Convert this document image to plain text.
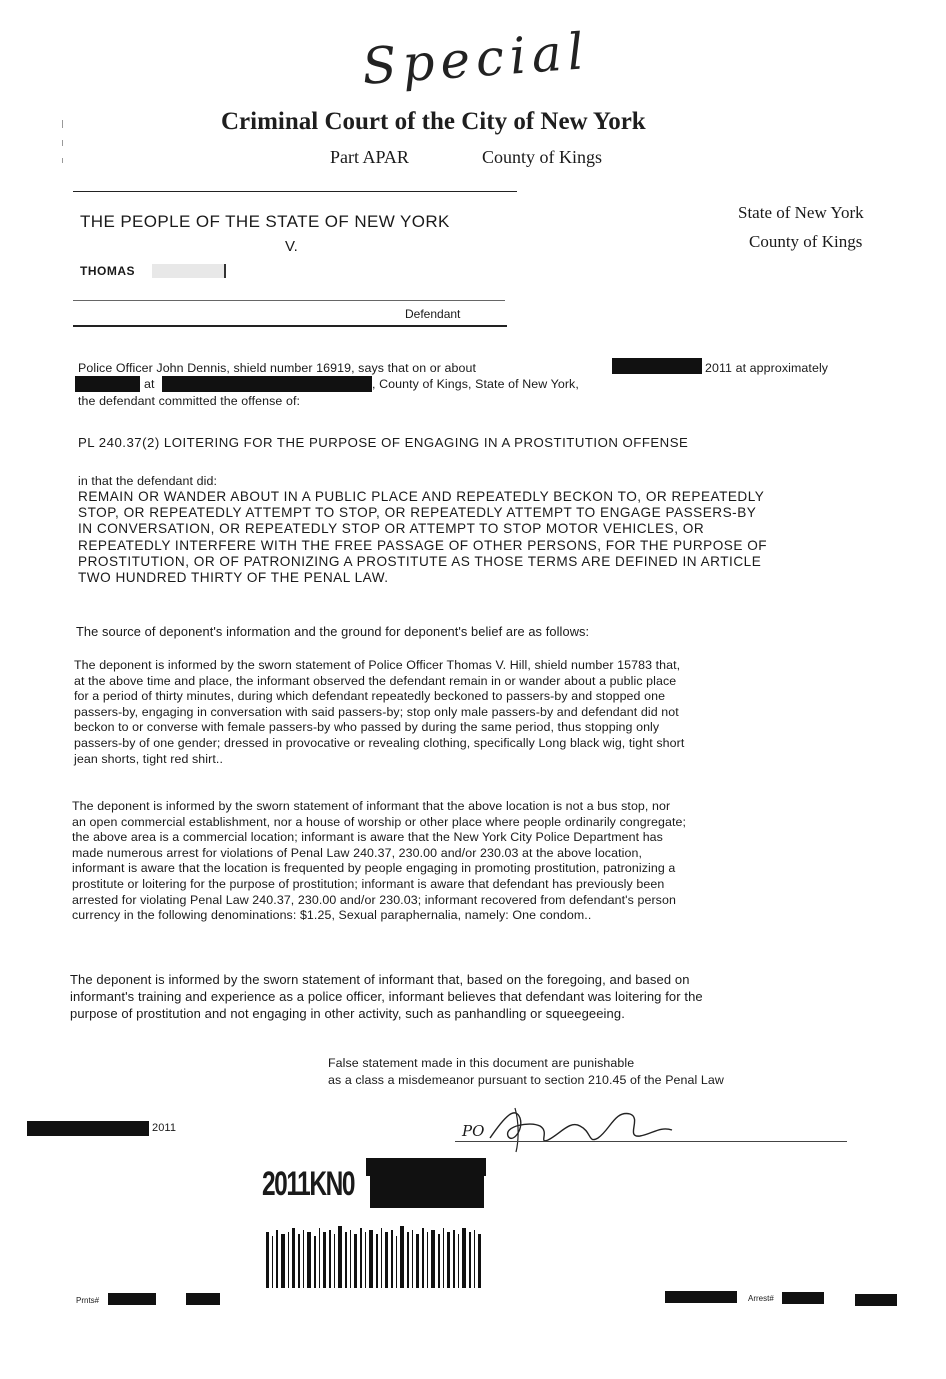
Special
Criminal Court of the City of New York
Part APAR	County of Kings
THE PEOPLE OF THE STATE OF NEW YORK
V.
THOMAS
Defendant
State of New York
County of Kings
Police Officer John Dennis, shield number 16919, says that on or about	2011 at approximately
at	, County of Kings, State of New York,
the defendant committed the offense of:
PL 240.37(2) LOITERING FOR THE PURPOSE OF ENGAGING IN A PROSTITUTION OFFENSE
in that the defendant did:
REMAIN OR WANDER ABOUT IN A PUBLIC PLACE AND REPEATEDLY BECKON TO, OR REPEATEDLY
STOP, OR REPEATEDLY ATTEMPT TO STOP, OR REPEATEDLY ATTEMPT TO ENGAGE PASSERS-BY
IN CONVERSATION, OR REPEATEDLY STOP OR ATTEMPT TO STOP MOTOR VEHICLES, OR
REPEATEDLY INTERFERE WITH THE FREE PASSAGE OF OTHER PERSONS, FOR THE PURPOSE OF
PROSTITUTION, OR OF PATRONIZING A PROSTITUTE AS THOSE TERMS ARE DEFINED IN ARTICLE
TWO HUNDRED THIRTY OF THE PENAL LAW.
The source of deponent's information and the ground for deponent's belief are as follows:
The deponent is informed by the sworn statement of Police Officer Thomas V. Hill, shield number 15783 that,
at the above time and place, the informant observed the defendant remain in or wander about a public place
for a period of thirty minutes, during which defendant repeatedly beckoned to passers-by and stopped one
passers-by, engaging in conversation with said passers-by; stop only male passers-by and defendant did not
beckon to or converse with female passers-by who passed by during the same period, thus stopping only
passers-by of one gender; dressed in provocative or revealing clothing, specifically Long black wig, tight short
jean shorts, tight red shirt..
The deponent is informed by the sworn statement of informant that the above location is not a bus stop, nor
an open commercial establishment, nor a house of worship or other place where people ordinarily congregate;
the above area is a commercial location; informant is aware that the New York City Police Department has
made numerous arrest for violations of Penal Law 240.37, 230.00 and/or 230.03 at the above location,
informant is aware that the location is frequented by people engaging in promoting prostitution, patronizing a
prostitute or loitering for the purpose of prostitution; informant is aware that defendant has previously been
arrested for violating Penal Law 240.37, 230.00 and/or 230.03; informant recovered from defendant's person
currency in the following denominations: $1.25, Sexual paraphernalia, namely: One condom..
The deponent is informed by the sworn statement of informant that, based on the foregoing, and based on
informant's training and experience as a police officer, informant believes that defendant was loitering for the
purpose of prostitution and not engaging in other activity, such as panhandling or squeegeeing.
False statement made in this document are punishable
as a class a misdemeanor pursuant to section 210.45 of the Penal Law
2011	PO
2011KN0
Prnts#	Arrest#
